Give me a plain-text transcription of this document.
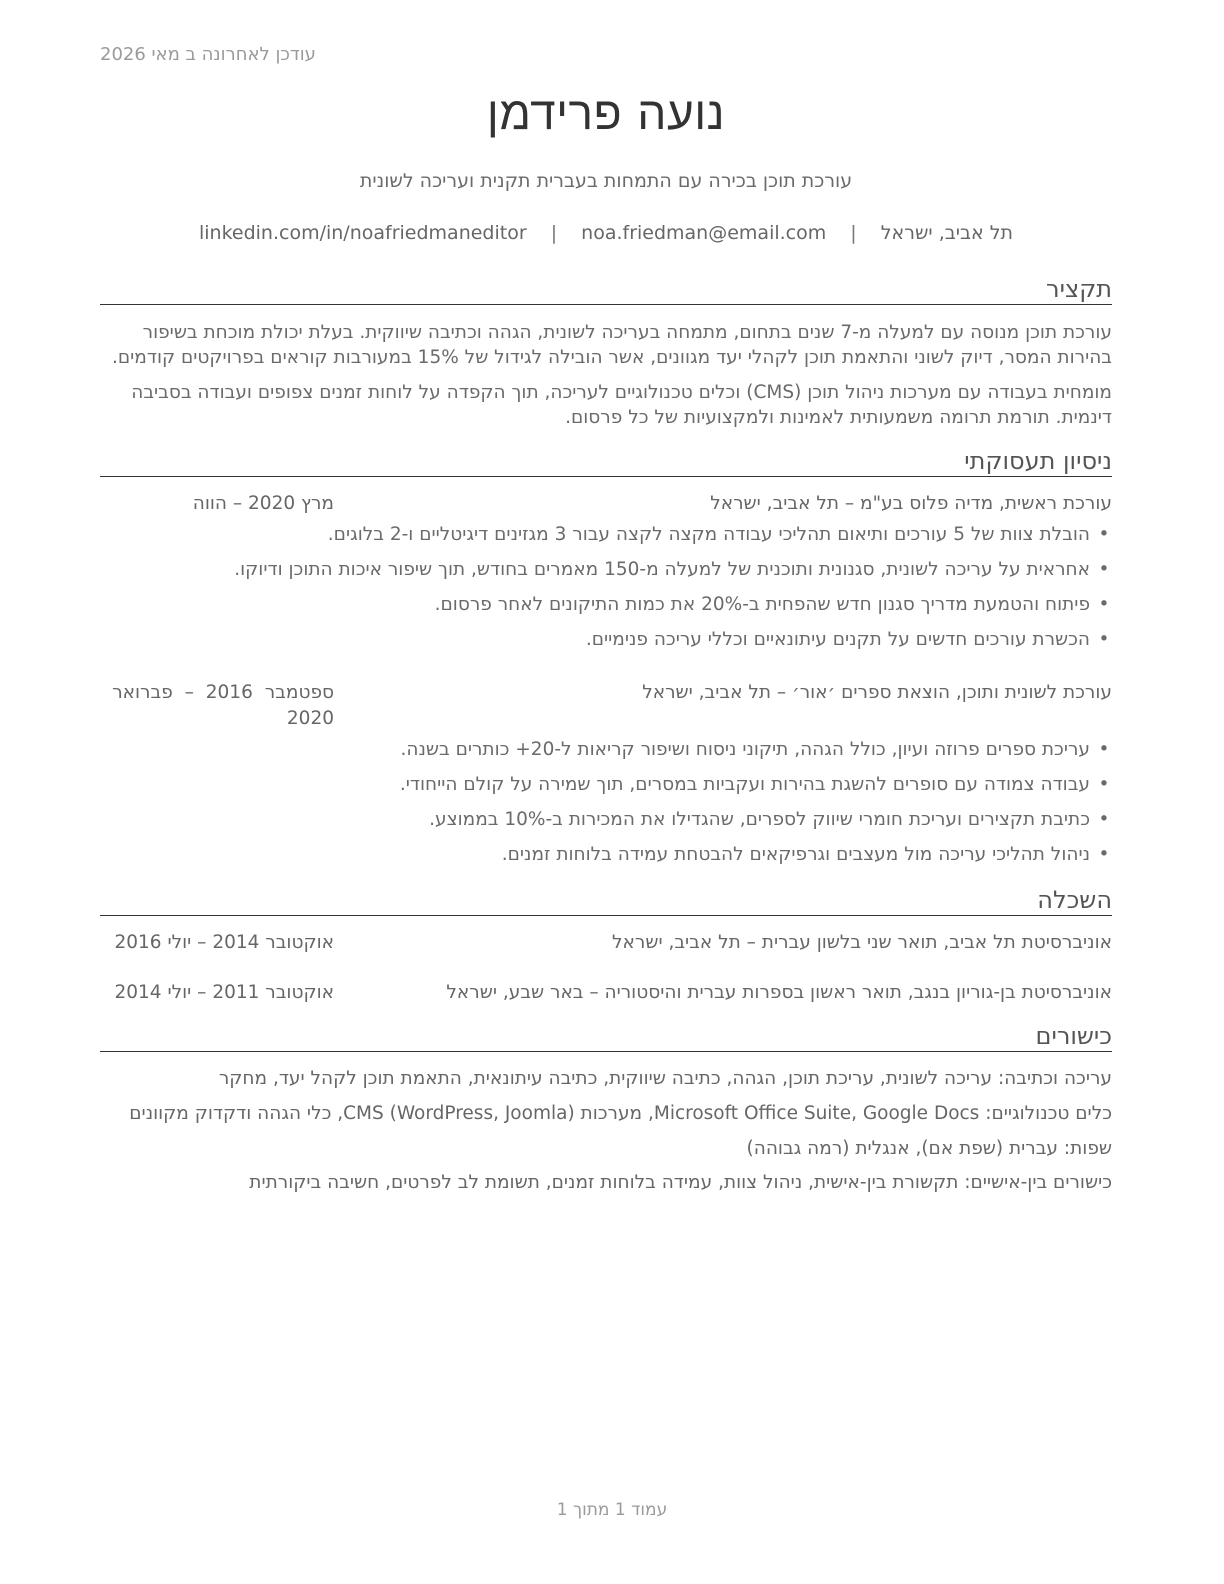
עודכן לאחרונה ב מאי 2026
נועה פרידמן
עורכת תוכן בכירה עם התמחות בעברית תקנית ועריכה לשונית
תל אביב, ישראל | noa.friedman@email.com | linkedin.com/in/noafriedmaneditor
תקציר
עורכת תוכן מנוסה עם למעלה מ-7 שנים בתחום, מתמחה בעריכה לשונית, הגהה וכתיבה שיווקית. בעלת יכולת מוכחת בשיפור בהירות המסר, דיוק לשוני והתאמת תוכן לקהלי יעד מגוונים, אשר הובילה לגידול של 15% במעורבות קוראים בפרויקטים קודמים.
מומחית בעבודה עם מערכות ניהול תוכן (CMS) וכלים טכנולוגיים לעריכה, תוך הקפדה על לוחות זמנים צפופים ועבודה בסביבה דינמית. תורמת תרומה משמעותית לאמינות ולמקצועיות של כל פרסום.
ניסיון תעסוקתי
עורכת ראשית, מדיה פלוס בע"מ – תל אביב, ישראל
מרץ 2020 – הווה
•הובלת צוות של 5 עורכים ותיאום תהליכי עבודה מקצה לקצה עבור 3 מגזינים דיגיטליים ו-2 בלוגים.
•אחראית על עריכה לשונית, סגנונית ותוכנית של למעלה מ-150 מאמרים בחודש, תוך שיפור איכות התוכן ודיוקו.
•פיתוח והטמעת מדריך סגנון חדש שהפחית ב-20% את כמות התיקונים לאחר פרסום.
•הכשרת עורכים חדשים על תקנים עיתונאיים וכללי עריכה פנימיים.
עורכת לשונית ותוכן, הוצאת ספרים ׳אור׳ – תל אביב, ישראל
ספטמבר 2016 – פברואר 2020
•עריכת ספרים פרוזה ועיון, כולל הגהה, תיקוני ניסוח ושיפור קריאות ל-20+ כותרים בשנה.
•עבודה צמודה עם סופרים להשגת בהירות ועקביות במסרים, תוך שמירה על קולם הייחודי.
•כתיבת תקצירים ועריכת חומרי שיווק לספרים, שהגדילו את המכירות ב-10% בממוצע.
•ניהול תהליכי עריכה מול מעצבים וגרפיקאים להבטחת עמידה בלוחות זמנים.
השכלה
אוניברסיטת תל אביב, תואר שני בלשון עברית – תל אביב, ישראל
אוקטובר 2014 – יולי 2016
אוניברסיטת בן-גוריון בנגב, תואר ראשון בספרות עברית והיסטוריה – באר שבע, ישראל
אוקטובר 2011 – יולי 2014
כישורים
עריכה וכתיבה: עריכה לשונית, עריכת תוכן, הגהה, כתיבה שיווקית, כתיבה עיתונאית, התאמת תוכן לקהל יעד, מחקר
כלים טכנולוגיים: Microsoft Office Suite, Google Docs, מערכות CMS (WordPress, Joomla), כלי הגהה ודקדוק מקוונים
שפות: עברית (שפת אם), אנגלית (רמה גבוהה)
כישורים בין-אישיים: תקשורת בין-אישית, ניהול צוות, עמידה בלוחות זמנים, תשומת לב לפרטים, חשיבה ביקורתית
עמוד 1 מתוך 1
